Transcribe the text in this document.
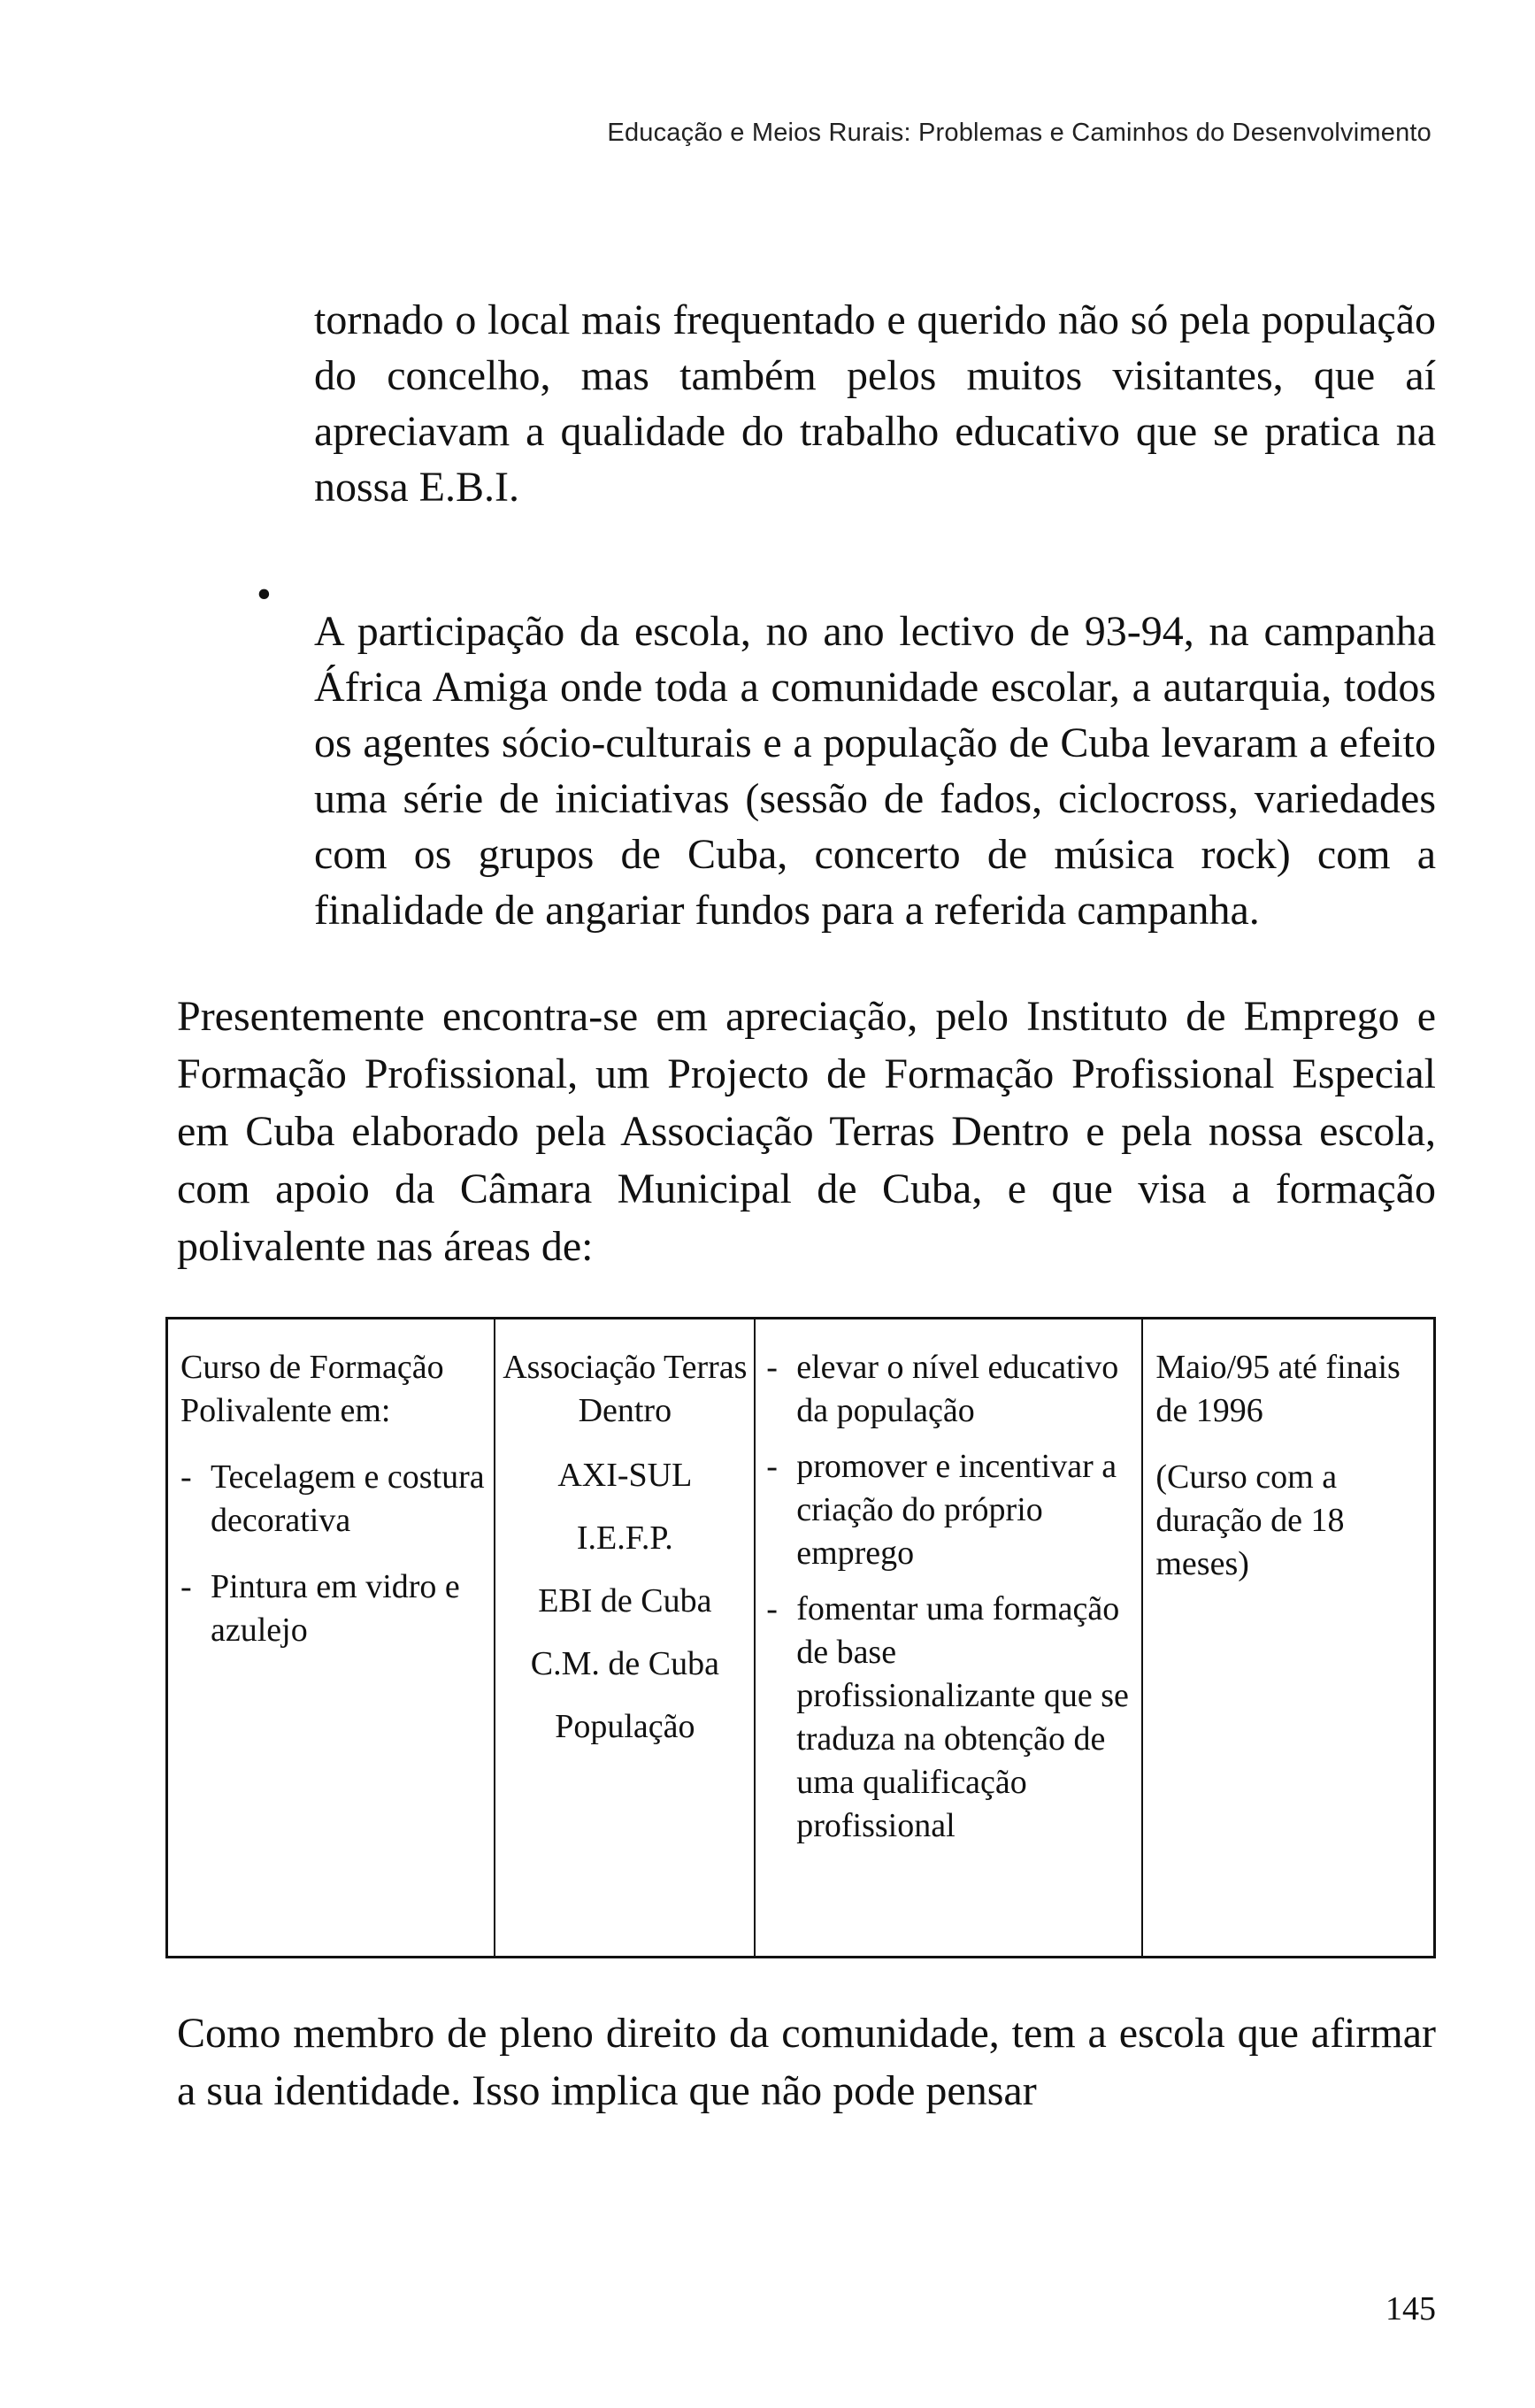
Educação e Meios Rurais: Problemas e Caminhos do Desenvolvimento

tornado o local mais frequentado e querido não só pela população do concelho, mas também pelos muitos visitantes, que aí apreciavam a qualidade do trabalho educativo que se pratica na nossa E.B.I.

•

A participação da escola, no ano lectivo de 93-94, na campanha África Amiga onde toda a comunidade escolar, a autarquia, todos os agentes sócio-culturais e a população de Cuba levaram a efeito uma série de iniciativas (sessão de fados, ciclocross, variedades com os grupos de Cuba, concerto de música rock) com a finalidade de angariar fundos para a referida campanha.

Presentemente encontra-se em apreciação, pelo Instituto de Emprego e Formação Profissional, um Projecto de Formação Profissional Especial em Cuba elaborado pela Associação Terras Dentro e pela nossa escola, com apoio da Câmara Municipal de Cuba, e que visa a formação polivalente nas áreas de:

Curso de Formação Polivalente em:
- Tecelagem e costura decorativa
- Pintura em vidro e azulejo
Associação Terras Dentro
AXI-SUL
I.E.F.P.
EBI de Cuba
C.M. de Cuba
População
- elevar o nível educativo da população
- promover e incentivar a criação do próprio emprego
- fomentar uma formação de base profissionalizante que se traduza na obtenção de uma qualificação profissional
Maio/95 até finais de 1996
(Curso com a duração de 18 meses)

Como membro de pleno direito da comunidade, tem a escola que afirmar a sua identidade. Isso implica que não pode pensar

145
